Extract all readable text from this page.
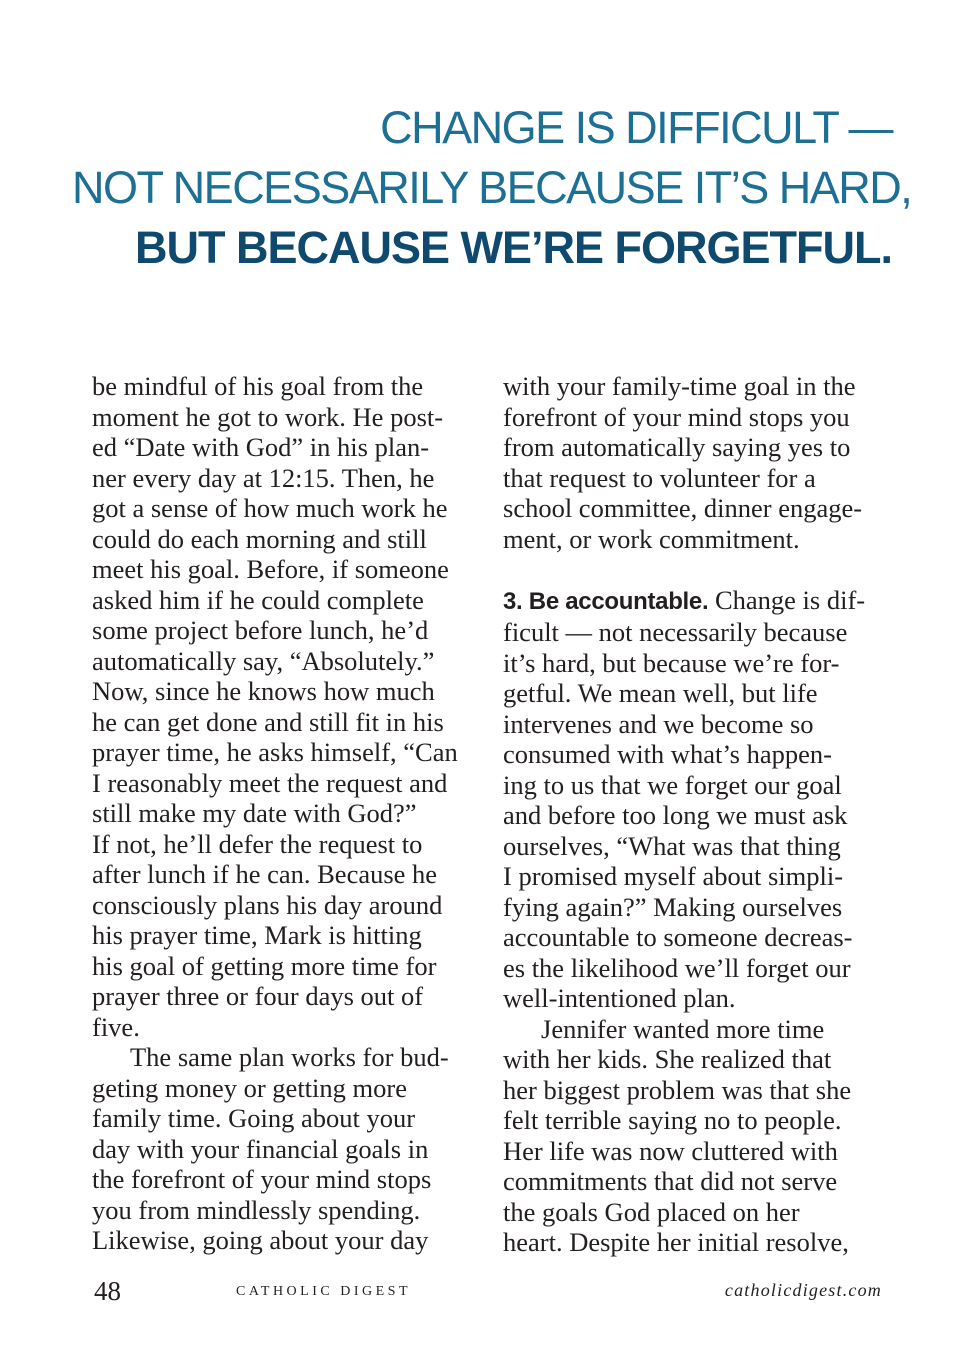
CHANGE IS DIFFICULT —
NOT NECESSARILY BECAUSE IT’S HARD,
BUT BECAUSE WE’RE FORGETFUL.
be mindful of his goal from the
moment he got to work. He post-
ed “Date with God” in his plan-
ner every day at 12:15. Then, he
got a sense of how much work he
could do each morning and still
meet his goal. Before, if someone
asked him if he could complete
some project before lunch, he’d
automatically say, “Absolutely.”
Now, since he knows how much
he can get done and still fit in his
prayer time, he asks himself, “Can
I reasonably meet the request and
still make my date with God?”
If not, he’ll defer the request to
after lunch if he can. Because he
consciously plans his day around
his prayer time, Mark is hitting
his goal of getting more time for
prayer three or four days out of
five.
The same plan works for bud-
geting money or getting more
family time. Going about your
day with your financial goals in
the forefront of your mind stops
you from mindlessly spending.
Likewise, going about your day
with your family-time goal in the
forefront of your mind stops you
from automatically saying yes to
that request to volunteer for a
school committee, dinner engage-
ment, or work commitment.
3. Be accountable. Change is dif-
ficult — not necessarily because
it’s hard, but because we’re for-
getful. We mean well, but life
intervenes and we become so
consumed with what’s happen-
ing to us that we forget our goal
and before too long we must ask
ourselves, “What was that thing
I promised myself about simpli-
fying again?” Making ourselves
accountable to someone decreas-
es the likelihood we’ll forget our
well-intentioned plan.
Jennifer wanted more time
with her kids. She realized that
her biggest problem was that she
felt terrible saying no to people.
Her life was now cluttered with
commitments that did not serve
the goals God placed on her
heart. Despite her initial resolve,
48	CATHOLIC DIGEST	catholicdigest.com
